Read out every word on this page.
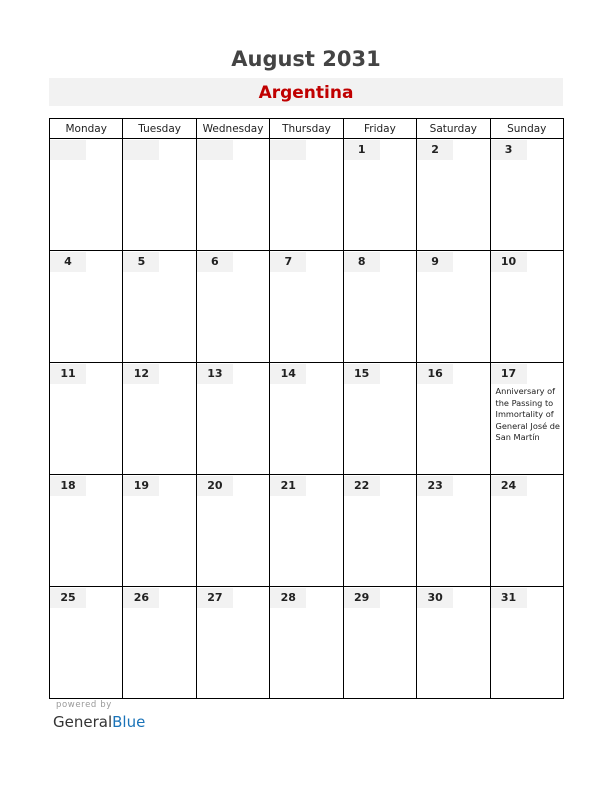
August 2031
Argentina
Monday	Tuesday	Wednesday	Thursday	Friday	Saturday	Sunday

				1	2	3

4	5	6	7	8	9	10

11	12	13	14	15	16	17
Anniversary of the Passing to Immortality of General José de San Martín

18	19	20	21	22	23	24

25	26	27	28	29	30	31
powered by
GeneralBlue
